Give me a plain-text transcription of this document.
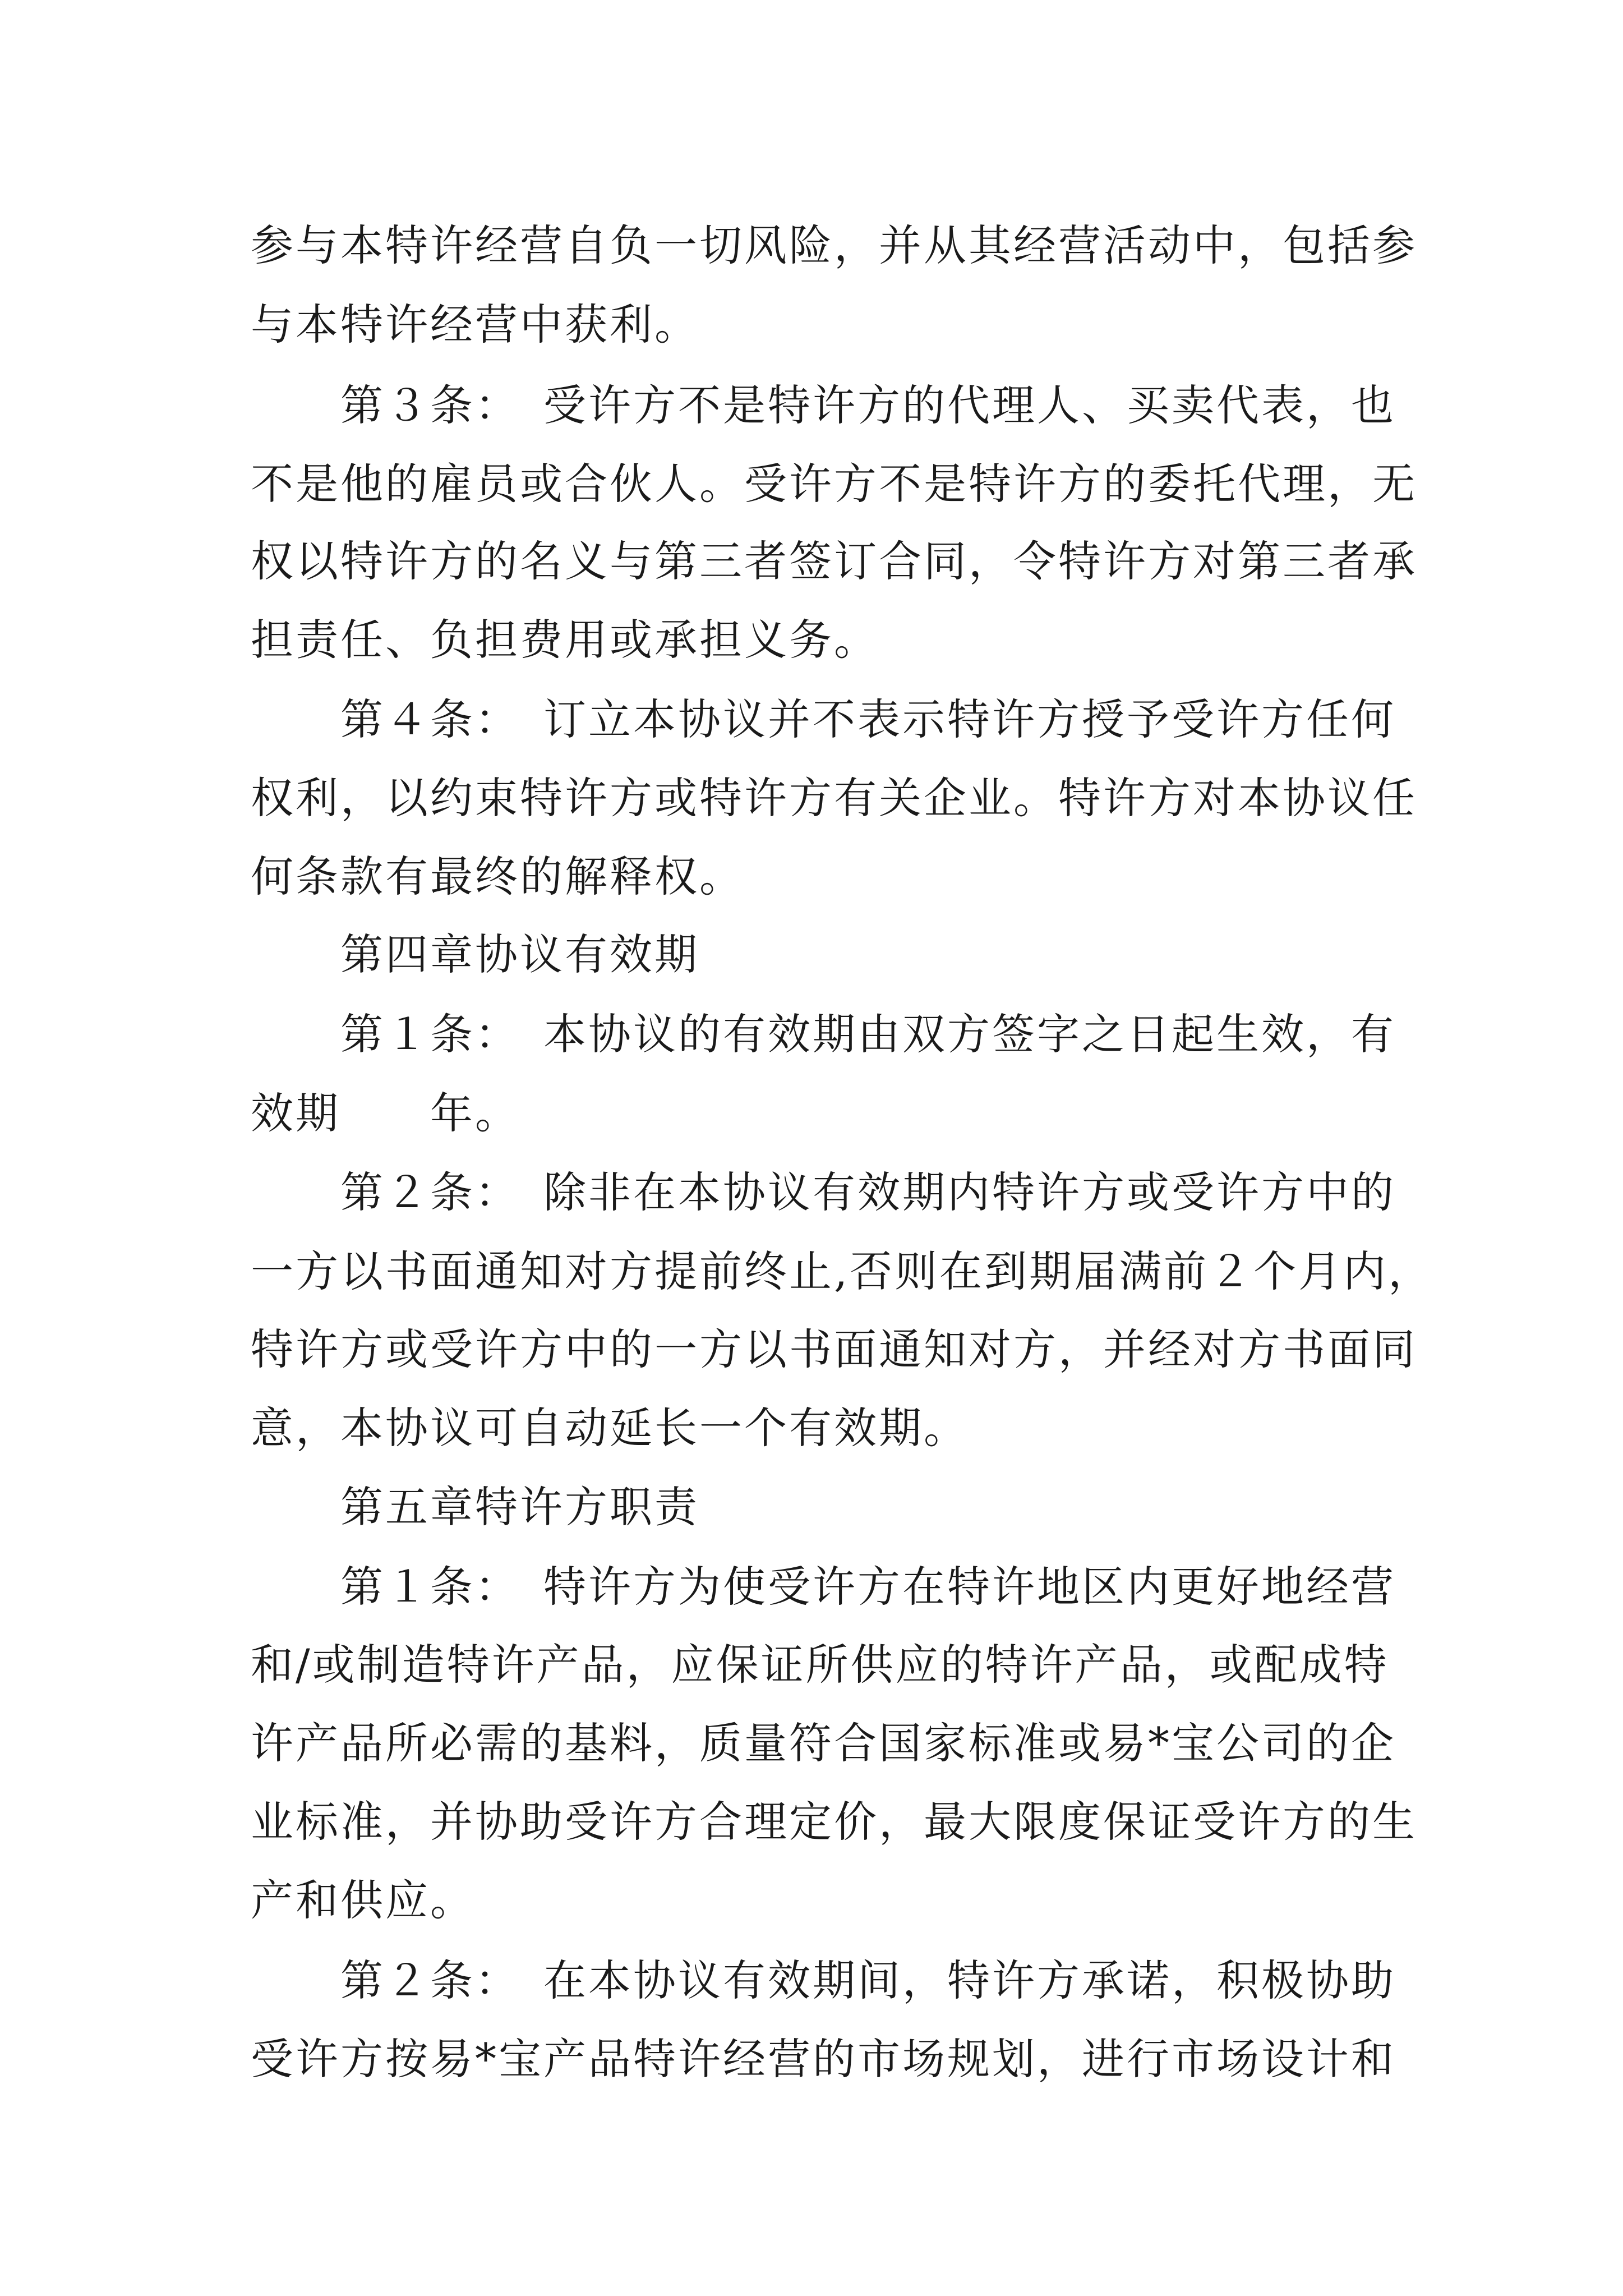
参与本特许经营自负一切风险，并从其经营活动中，包括参
与本特许经营中获利。
第３条：　受许方不是特许方的代理人、买卖代表，也
不是他的雇员或合伙人。受许方不是特许方的委托代理，无
权以特许方的名义与第三者签订合同，令特许方对第三者承
担责任、负担费用或承担义务。
第４条：　订立本协议并不表示特许方授予受许方任何
权利，以约束特许方或特许方有关企业。特许方对本协议任
何条款有最终的解释权。
第四章协议有效期
第１条：　本协议的有效期由双方签字之日起生效，有
效期　　年。
第２条：　除非在本协议有效期内特许方或受许方中的
一方以书面通知对方提前终止,否则在到期届满前２个月内，
特许方或受许方中的一方以书面通知对方，并经对方书面同
意，本协议可自动延长一个有效期。
第五章特许方职责
第１条：　特许方为使受许方在特许地区内更好地经营
和/或制造特许产品，应保证所供应的特许产品，或配成特
许产品所必需的基料，质量符合国家标准或易*宝公司的企
业标准，并协助受许方合理定价，最大限度保证受许方的生
产和供应。
第２条：　在本协议有效期间，特许方承诺，积极协助
受许方按易*宝产品特许经营的市场规划，进行市场设计和
